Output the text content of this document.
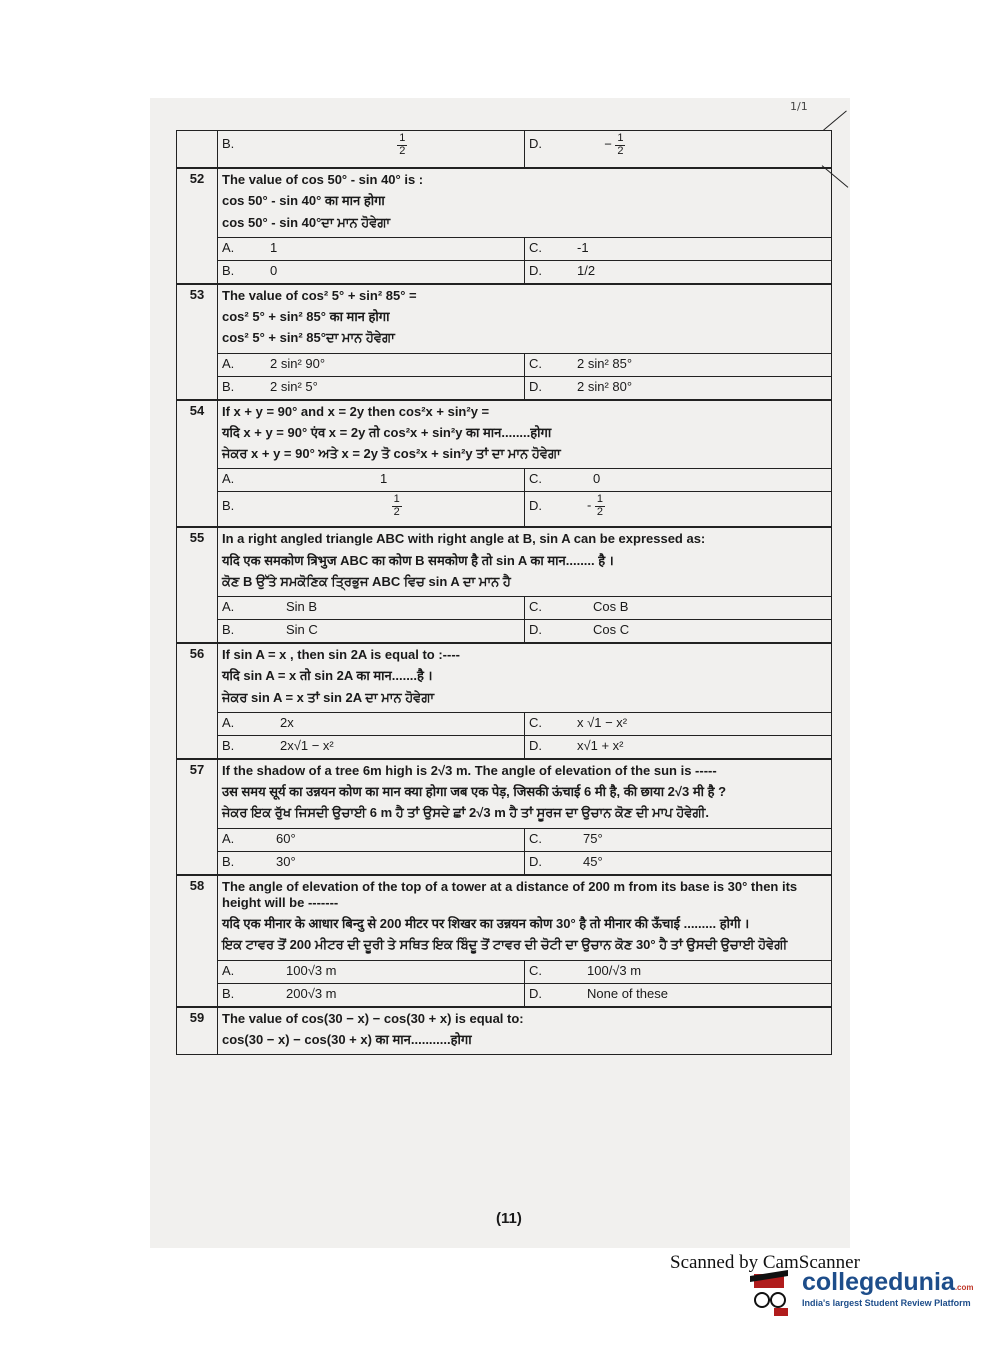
1/1
	B.	$\frac{1}{2}$	D.	− $\frac{1}{2}$
52	The value of cos 50° - sin 40° is :
cos 50° - sin 40° का मान होगा
cos 50° - sin 40°ਦਾ ਮਾਨ ਹੋਵੇਗਾ	

	A. 1	C. -1
	B. 0	D. 1/2
53	The value of cos² 5° + sin² 85° =
cos² 5° + sin² 85° का मान होगा
cos² 5° + sin² 85°ਦਾ ਮਾਨ ਹੋਵੇਗਾ	

	A. 2 sin² 90°	C. 2 sin² 85°
	B. 2 sin² 5°	D. 2 sin² 80°
54	If x + y = 90° and x = 2y then cos²x + sin²y =
यदि x + y = 90° एंव x = 2y तो cos²x + sin²y का मान........होगा
ਜੇਕਰ x + y = 90° ਅਤੇ x = 2y ਤੋ cos²x + sin²y ਤਾਂ ਦਾ ਮਾਨ ਹੋਵੇਗਾ	

	A. 1	C. 0
	B. $\frac{1}{2}$	D. - $\frac{1}{2}$
55	In a right angled triangle ABC with right angle at B, sin A can be expressed as:
यदि एक समकोण त्रिभुज ABC का कोण B समकोण है तो sin A का मान........ है ।
ਕੋਣ B ਉੱਤੇ ਸਮਕੋਣਿਕ ਤ੍ਰਿਭੁਜ ABC ਵਿਚ sin A ਦਾ ਮਾਨ ਹੈ	

	A. Sin B	C. Cos B
	B. Sin C	D. Cos C
56	If sin A = x , then sin 2A is equal to :----
यदि sin A = x तो sin 2A का मान.......है ।
ਜੇਕਰ sin A = x ਤਾਂ sin 2A ਦਾ ਮਾਨ ਹੋਵੇਗਾ	

	A. 2x	C. x √1 − x²
	B. 2x√1 − x²	D. x√1 + x²
57	If the shadow of a tree 6m high is 2√3 m. The angle of elevation of the sun is -----
उस समय सूर्य का उन्नयन कोण का मान क्या होगा जब एक पेड़, जिसकी ऊंचाई 6 मी है, की छाया 2√3 मी है ?
ਜੇਕਰ ਇਕ ਰੁੱਖ ਜਿਸਦੀ ਉਚਾਈ 6 m ਹੈ ਤਾਂ ਉਸਦੇ ਛਾਂ 2√3 m ਹੈ ਤਾਂ ਸੂਰਜ ਦਾ ਉਚਾਨ ਕੋਣ ਦੀ ਮਾਪ ਹੋਵੇਗੀ.	

	A. 60°	C. 75°
	B. 30°	D. 45°
58	The angle of elevation of the top of a tower at a distance of 200 m from its base is 30° then its height will be -------
यदि एक मीनार के आधार बिन्दु से 200 मीटर पर शिखर का उन्नयन कोण 30° है तो मीनार की ऊँचाई ......... होगी ।
ਇਕ ਟਾਵਰ ਤੋਂ 200 ਮੀਟਰ ਦੀ ਦੂਰੀ ਤੇ ਸਥਿਤ ਇਕ ਬਿੰਦੂ ਤੋਂ ਟਾਵਰ ਦੀ ਚੋਟੀ ਦਾ ਉਚਾਨ ਕੋਣ 30° ਹੈ ਤਾਂ ਉਸਦੀ ਉਚਾਈ ਹੋਵੇਗੀ	

	A. 100√3 m	C. 100/√3 m
	B. 200√3 m	D. None of these
59	The value of cos(30 − x) − cos(30 + x) is equal to:
cos(30 − x) − cos(30 + x) का मान...........होगा
(11)
Scanned by CamScanner
collegedunia.com
India's largest Student Review Platform
